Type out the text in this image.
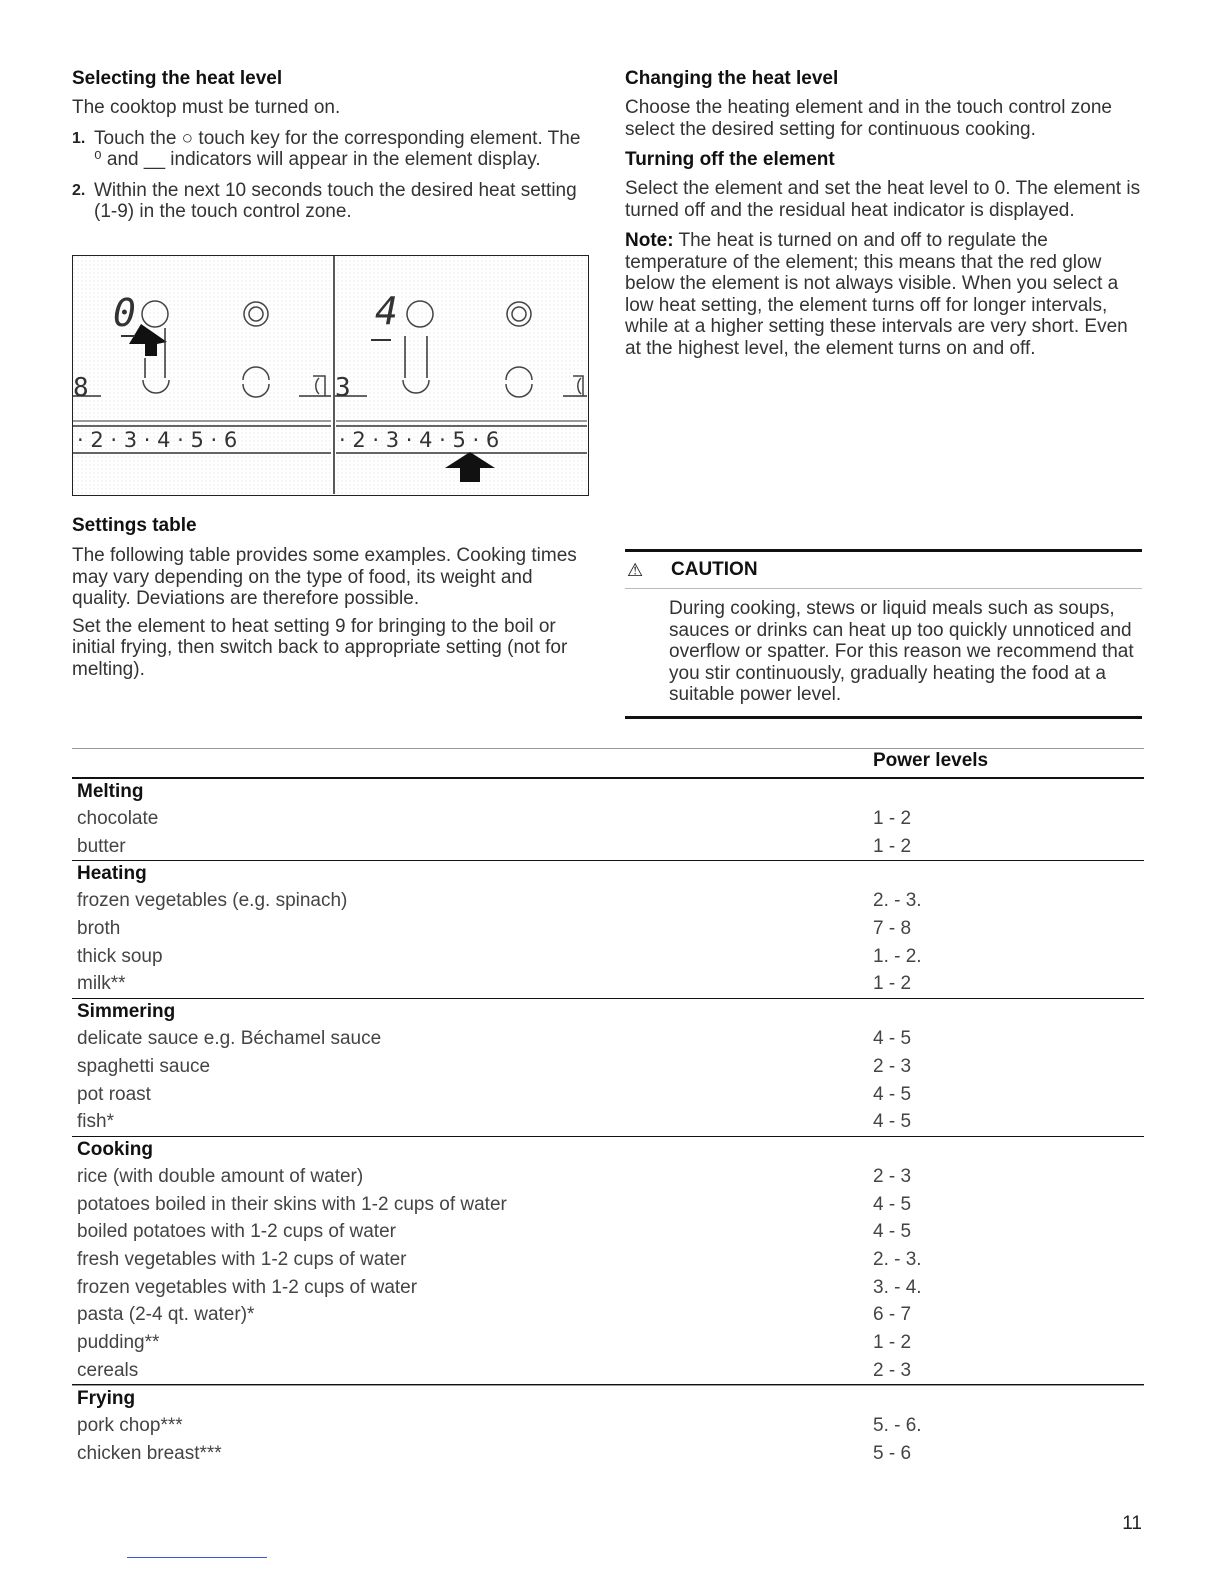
Selecting the heat level

The cooktop must be turned on.

1. Touch the ○ touch key for the corresponding element. The ⁰ and __ indicators will appear in the element display.
2. Within the next 10 seconds touch the desired heat setting (1-9) in the touch control zone.
0
8
· 2 · 3 · 4 · 5 · 6
4
3
· 2 · 3 · 4 · 5 · 6
Settings table

The following table provides some examples. Cooking times may vary depending on the type of food, its weight and quality. Deviations are therefore possible.

Set the element to heat setting 9 for bringing to the boil or initial frying, then switch back to appropriate setting (not for melting).

Changing the heat level

Choose the heating element and in the touch control zone select the desired setting for continuous cooking.

Turning off the element

Select the element and set the heat level to 0. The element is turned off and the residual heat indicator is displayed.

Note: The heat is turned on and off to regulate the temperature of the element; this means that the red glow below the element is not always visible. When you select a low heat setting, the element turns off for longer intervals, while at a higher setting these intervals are very short. Even at the highest level, the element turns on and off.

⚠	CAUTION

During cooking, stews or liquid meals such as soups, sauces or drinks can heat up too quickly unnoticed and overflow or spatter. For this reason we recommend that you stir continuously, gradually heating the food at a suitable power level.

Power levels
Melting
chocolate	1 - 2
butter	1 - 2
Heating
frozen vegetables (e.g. spinach)	2. - 3.
broth	7 - 8
thick soup	1. - 2.
milk**	1 - 2
Simmering
delicate sauce e.g. Béchamel sauce	4 - 5
spaghetti sauce	2 - 3
pot roast	4 - 5
fish*	4 - 5
Cooking
rice (with double amount of water)	2 - 3
potatoes boiled in their skins with 1-2 cups of water	4 - 5
boiled potatoes with 1-2 cups of water	4 - 5
fresh vegetables with 1-2 cups of water	2. - 3.
frozen vegetables with 1-2 cups of water	3. - 4.
pasta (2-4 qt. water)*	6 - 7
pudding**	1 - 2
cereals	2 - 3
Frying
pork chop***	5. - 6.
chicken breast***	5 - 6
11
